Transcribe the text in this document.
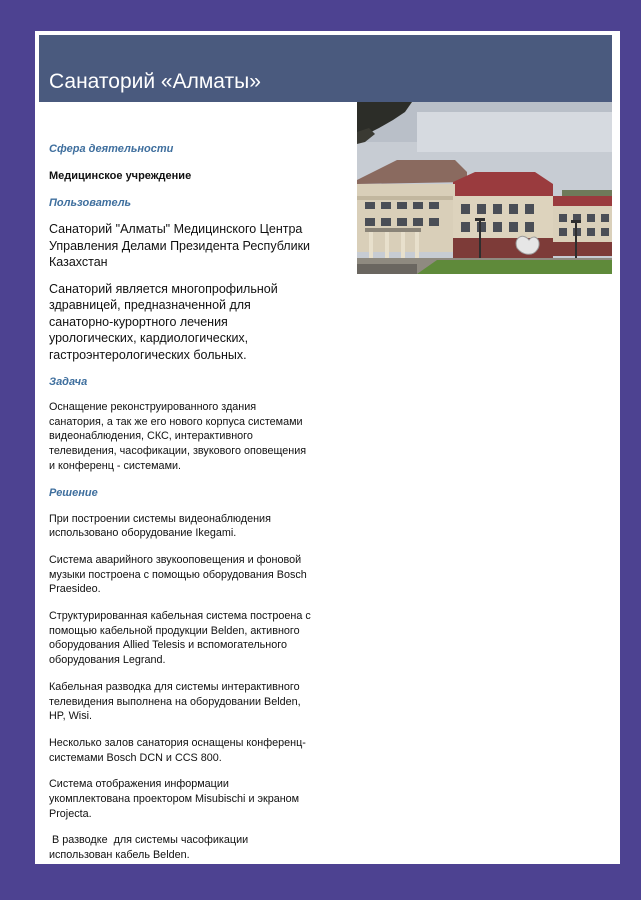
Санаторий «Алматы»

Сфера деятельности

Медицинское учреждение

Пользователь

Санаторий "Алматы" Медицинского Центра Управления Делами Президента Республики Казахстан

Санаторий является многопрофильной здравницей, предназначенной для санаторно-курортного лечения урологических, кардиологических, гастроэнтерологических больных.

Задача

Оснащение реконструированного здания санатория, а так же его нового корпуса системами видеонаблюдения, СКС, интерактивного телевидения, часофикации, звукового оповещения и конференц - системами.

Решение

При построении системы видеонаблюдения использовано оборудование Ikegami.

Система аварийного звукооповещения и фоновой музыки построена с помощью оборудования Bosch Praesideo.

Структурированная кабельная система построена с помощью кабельной продукции Belden, активного оборудования Allied Telesis и вспомогательного оборудования Legrand.

Кабельная разводка для системы интерактивного телевидения выполнена на оборудовании Belden, HP, Wisi.

Несколько залов санатория оснащены конференц-системами Bosch DCN и CCS 800.

Система отображения информации укомплектована проектором Misubischi и экраном Projecta.

В разводке  для системы часофикации использован кабель Belden.
